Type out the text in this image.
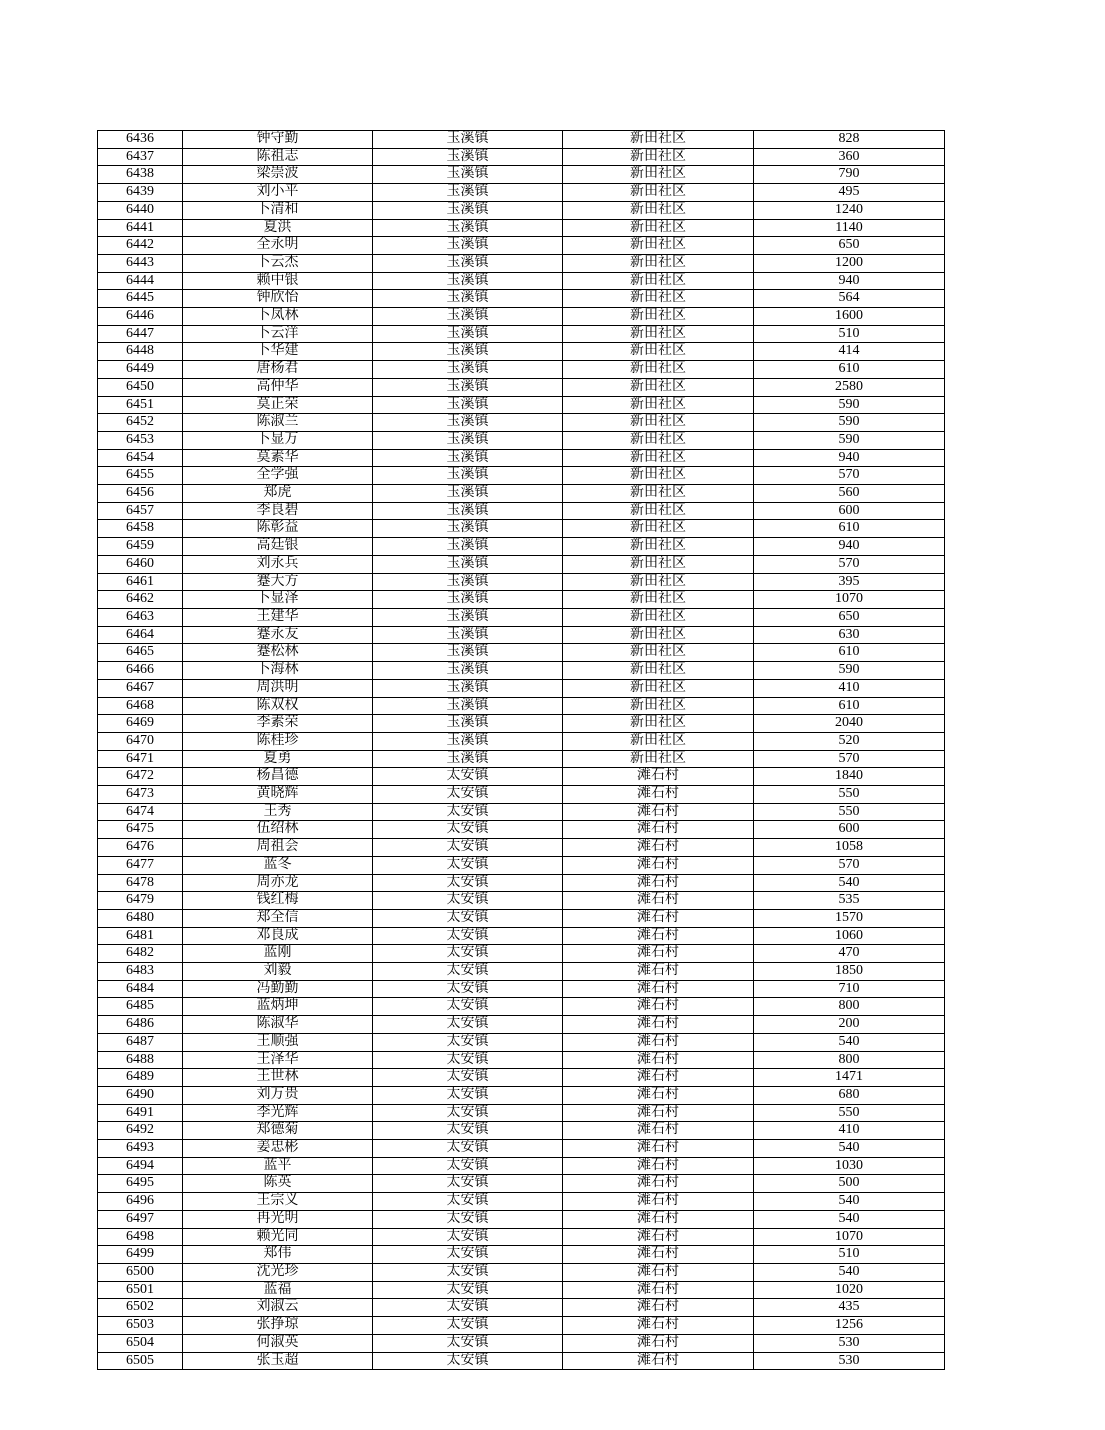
6436	钟守勤	玉溪镇	新田社区	828
6437	陈祖志	玉溪镇	新田社区	360
6438	梁崇波	玉溪镇	新田社区	790
6439	刘小平	玉溪镇	新田社区	495
6440	卜清和	玉溪镇	新田社区	1240
6441	夏洪	玉溪镇	新田社区	1140
6442	全永明	玉溪镇	新田社区	650
6443	卜云杰	玉溪镇	新田社区	1200
6444	赖中银	玉溪镇	新田社区	940
6445	钟欣怡	玉溪镇	新田社区	564
6446	卜凤林	玉溪镇	新田社区	1600
6447	卜云洋	玉溪镇	新田社区	510
6448	卜华建	玉溪镇	新田社区	414
6449	唐杨君	玉溪镇	新田社区	610
6450	高仲华	玉溪镇	新田社区	2580
6451	莫正荣	玉溪镇	新田社区	590
6452	陈淑兰	玉溪镇	新田社区	590
6453	卜显万	玉溪镇	新田社区	590
6454	莫素华	玉溪镇	新田社区	940
6455	全学强	玉溪镇	新田社区	570
6456	郑虎	玉溪镇	新田社区	560
6457	李良碧	玉溪镇	新田社区	600
6458	陈彰益	玉溪镇	新田社区	610
6459	高廷银	玉溪镇	新田社区	940
6460	刘永兵	玉溪镇	新田社区	570
6461	蹇大方	玉溪镇	新田社区	395
6462	卜显泽	玉溪镇	新田社区	1070
6463	王建华	玉溪镇	新田社区	650
6464	蹇永友	玉溪镇	新田社区	630
6465	蹇松林	玉溪镇	新田社区	610
6466	卜海林	玉溪镇	新田社区	590
6467	周洪明	玉溪镇	新田社区	410
6468	陈双权	玉溪镇	新田社区	610
6469	李素荣	玉溪镇	新田社区	2040
6470	陈桂珍	玉溪镇	新田社区	520
6471	夏勇	玉溪镇	新田社区	570
6472	杨昌德	太安镇	滩石村	1840
6473	黄晓辉	太安镇	滩石村	550
6474	王秀	太安镇	滩石村	550
6475	伍绍林	太安镇	滩石村	600
6476	周祖会	太安镇	滩石村	1058
6477	蓝冬	太安镇	滩石村	570
6478	周亦龙	太安镇	滩石村	540
6479	钱红梅	太安镇	滩石村	535
6480	郑全信	太安镇	滩石村	1570
6481	邓良成	太安镇	滩石村	1060
6482	蓝刚	太安镇	滩石村	470
6483	刘毅	太安镇	滩石村	1850
6484	冯勤勤	太安镇	滩石村	710
6485	蓝炳坤	太安镇	滩石村	800
6486	陈淑华	太安镇	滩石村	200
6487	王顺强	太安镇	滩石村	540
6488	王泽华	太安镇	滩石村	800
6489	王世林	太安镇	滩石村	1471
6490	刘万贵	太安镇	滩石村	680
6491	李光辉	太安镇	滩石村	550
6492	郑德菊	太安镇	滩石村	410
6493	姜忠彬	太安镇	滩石村	540
6494	蓝平	太安镇	滩石村	1030
6495	陈英	太安镇	滩石村	500
6496	王宗义	太安镇	滩石村	540
6497	冉光明	太安镇	滩石村	540
6498	赖光同	太安镇	滩石村	1070
6499	郑伟	太安镇	滩石村	510
6500	沈光珍	太安镇	滩石村	540
6501	蓝福	太安镇	滩石村	1020
6502	刘淑云	太安镇	滩石村	435
6503	张挣琼	太安镇	滩石村	1256
6504	何淑英	太安镇	滩石村	530
6505	张玉超	太安镇	滩石村	530
